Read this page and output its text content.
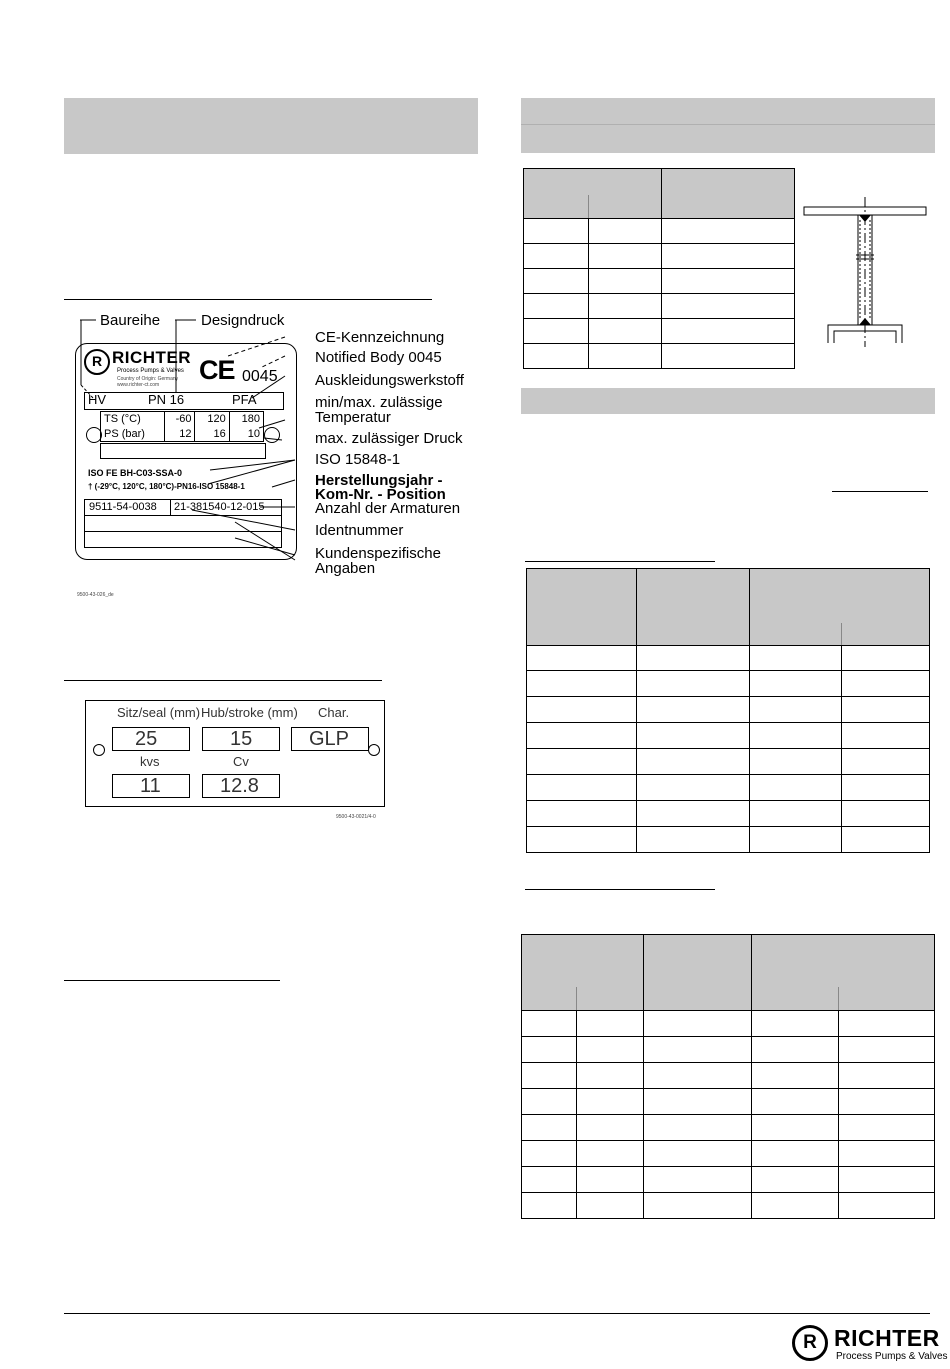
R RICHTER
Process Pumps & Valves
Country of Origin: Germany
www.richter-ct.com CE 0045
HV	PN 16	PFA
TS (°C)	-60	120	180
PS (bar)	12	16	10
ISO FE BH-C03-SSA-0
† (-29°C, 120°C, 180°C)-PN16-ISO 15848-1
9511-54-0038 21-381540-12-015
9500-43-026_de
Baureihe	Designdruck
CE-Kennzeichnung
Notified Body 0045
Auskleidungswerkstoff
min/max. zulässige
Temperatur
max. zulässiger Druck
ISO 15848-1
Herstellungsjahr -
Kom-Nr. - Position
Anzahl der Armaturen
Identnummer
Kundenspezifische
Angaben
Sitz/seal (mm) Hub/stroke (mm) Char.
25	15	GLP
kvs	Cv
11	12.8
9500-43-0021/4-0

R RICHTER
Process Pumps & Valves
